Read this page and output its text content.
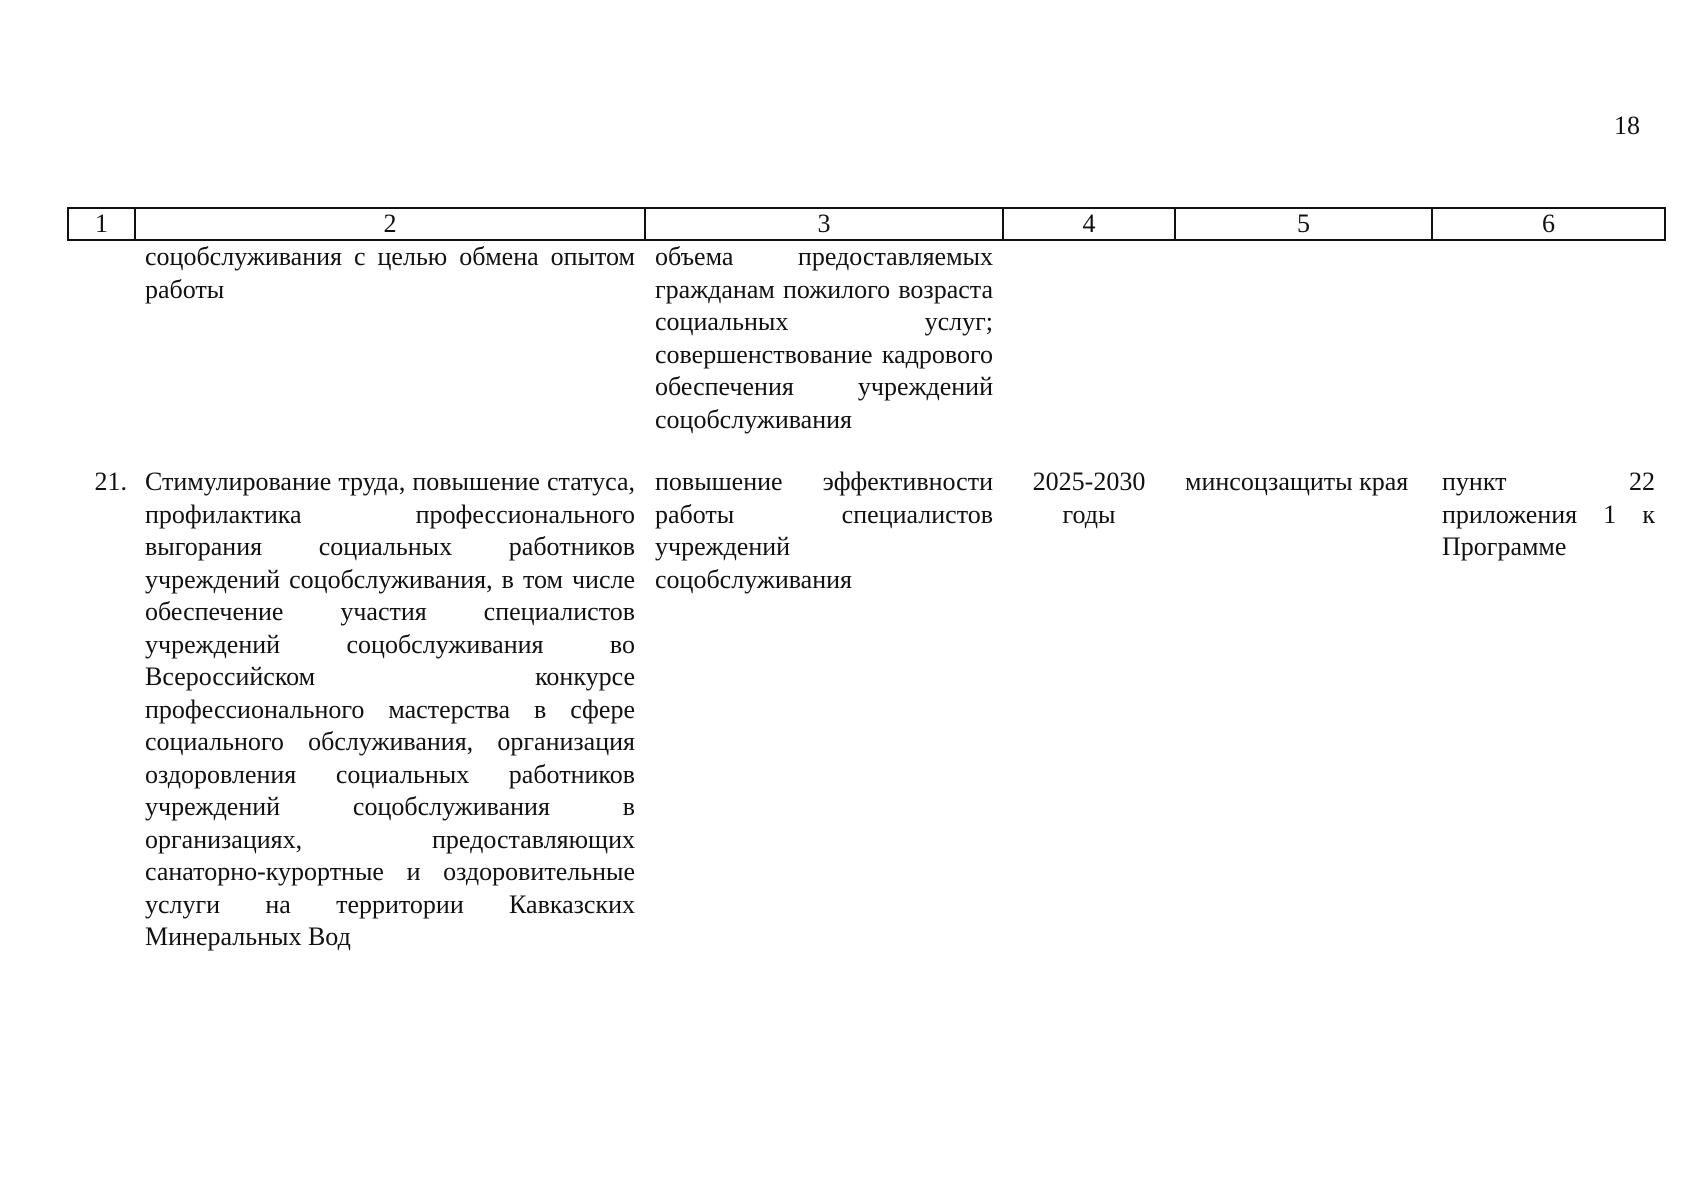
18
1	2	3	4	5	6
	соцобслуживания с целью обмена опытом работы	объема предоставляемых гражданам пожилого возраста социальных услуг; совершенствование кадрового обеспечения учреждений соцобслуживания			
21.	Стимулирование труда, повышение статуса, профилактика профессионального выгорания социальных работников учреждений соцобслуживания, в том числе обеспечение участия специалистов учреждений соцобслуживания во Всероссийском конкурсе профессионального мастерства в сфере социального обслуживания, организация оздоровления социальных работников учреждений соцобслуживания в организациях, предоставляющих санаторно-курортные и оздоровительные услуги на территории Кавказских Минеральных Вод	повышение эффективности работы специалистов учреждений соцобслуживания	2025-2030 годы	минсоцзащиты края	пункт 22 приложения 1 к Программе
